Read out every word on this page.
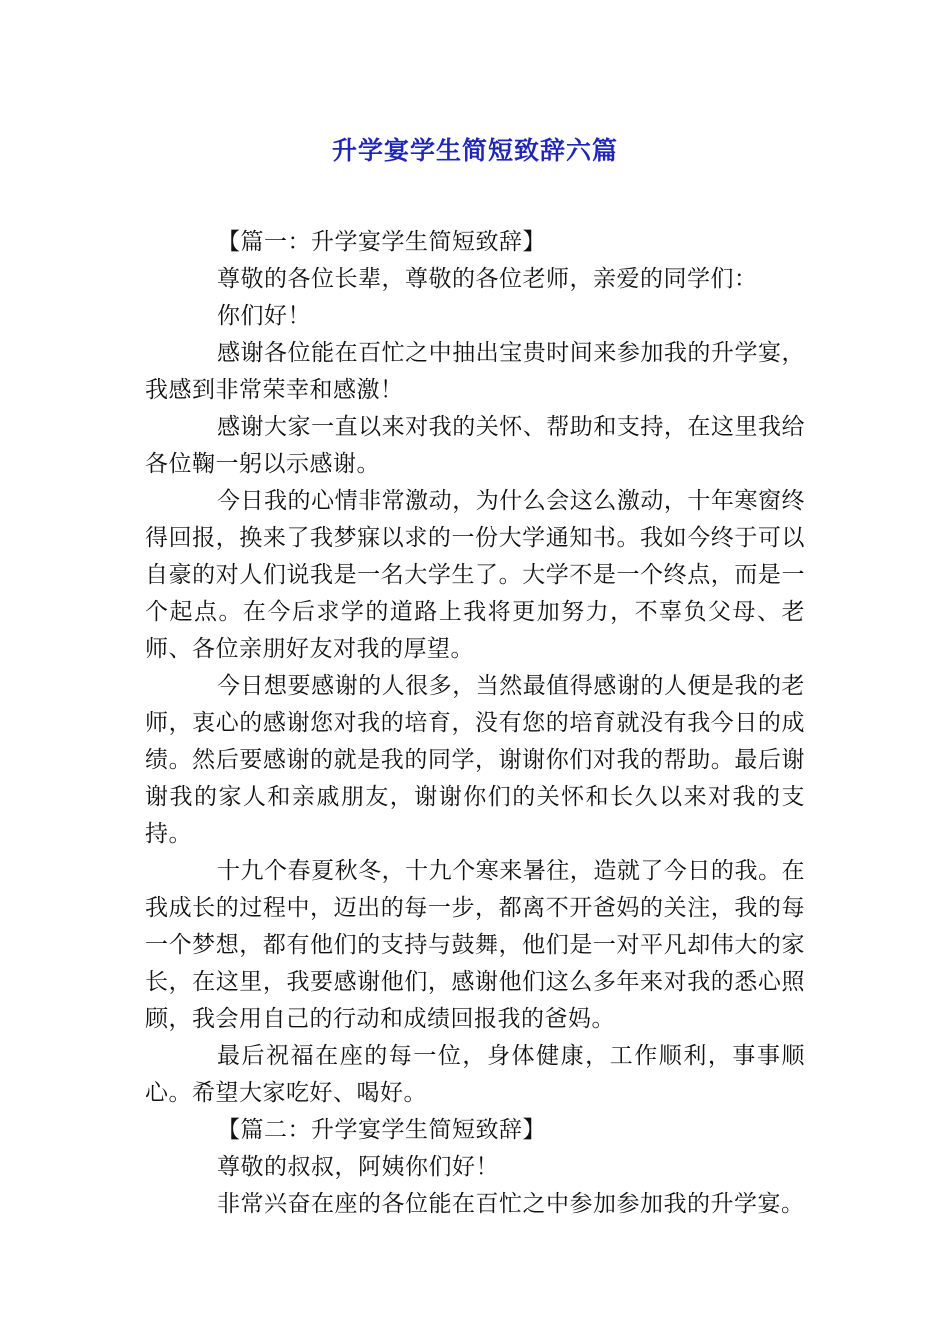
升学宴学生简短致辞六篇

【篇一：升学宴学生简短致辞】

尊敬的各位长辈，尊敬的各位老师，亲爱的同学们：

你们好！

感谢各位能在百忙之中抽出宝贵时间来参加我的升学宴，我感到非常荣幸和感激！

感谢大家一直以来对我的关怀、帮助和支持，在这里我给各位鞠一躬以示感谢。

今日我的心情非常激动，为什么会这么激动，十年寒窗终得回报，换来了我梦寐以求的一份大学通知书。我如今终于可以自豪的对人们说我是一名大学生了。大学不是一个终点，而是一个起点。在今后求学的道路上我将更加努力，不辜负父母、老师、各位亲朋好友对我的厚望。

今日想要感谢的人很多，当然最值得感谢的人便是我的老师，衷心的感谢您对我的培育，没有您的培育就没有我今日的成绩。然后要感谢的就是我的同学，谢谢你们对我的帮助。最后谢谢我的家人和亲戚朋友，谢谢你们的关怀和长久以来对我的支持。

十九个春夏秋冬，十九个寒来暑往，造就了今日的我。在我成长的过程中，迈出的每一步，都离不开爸妈的关注，我的每一个梦想，都有他们的支持与鼓舞，他们是一对平凡却伟大的家长，在这里，我要感谢他们，感谢他们这么多年来对我的悉心照顾，我会用自己的行动和成绩回报我的爸妈。

最后祝福在座的每一位，身体健康，工作顺利，事事顺心。希望大家吃好、喝好。

【篇二：升学宴学生简短致辞】

尊敬的叔叔，阿姨你们好！

非常兴奋在座的各位能在百忙之中参加参加我的升学宴。
